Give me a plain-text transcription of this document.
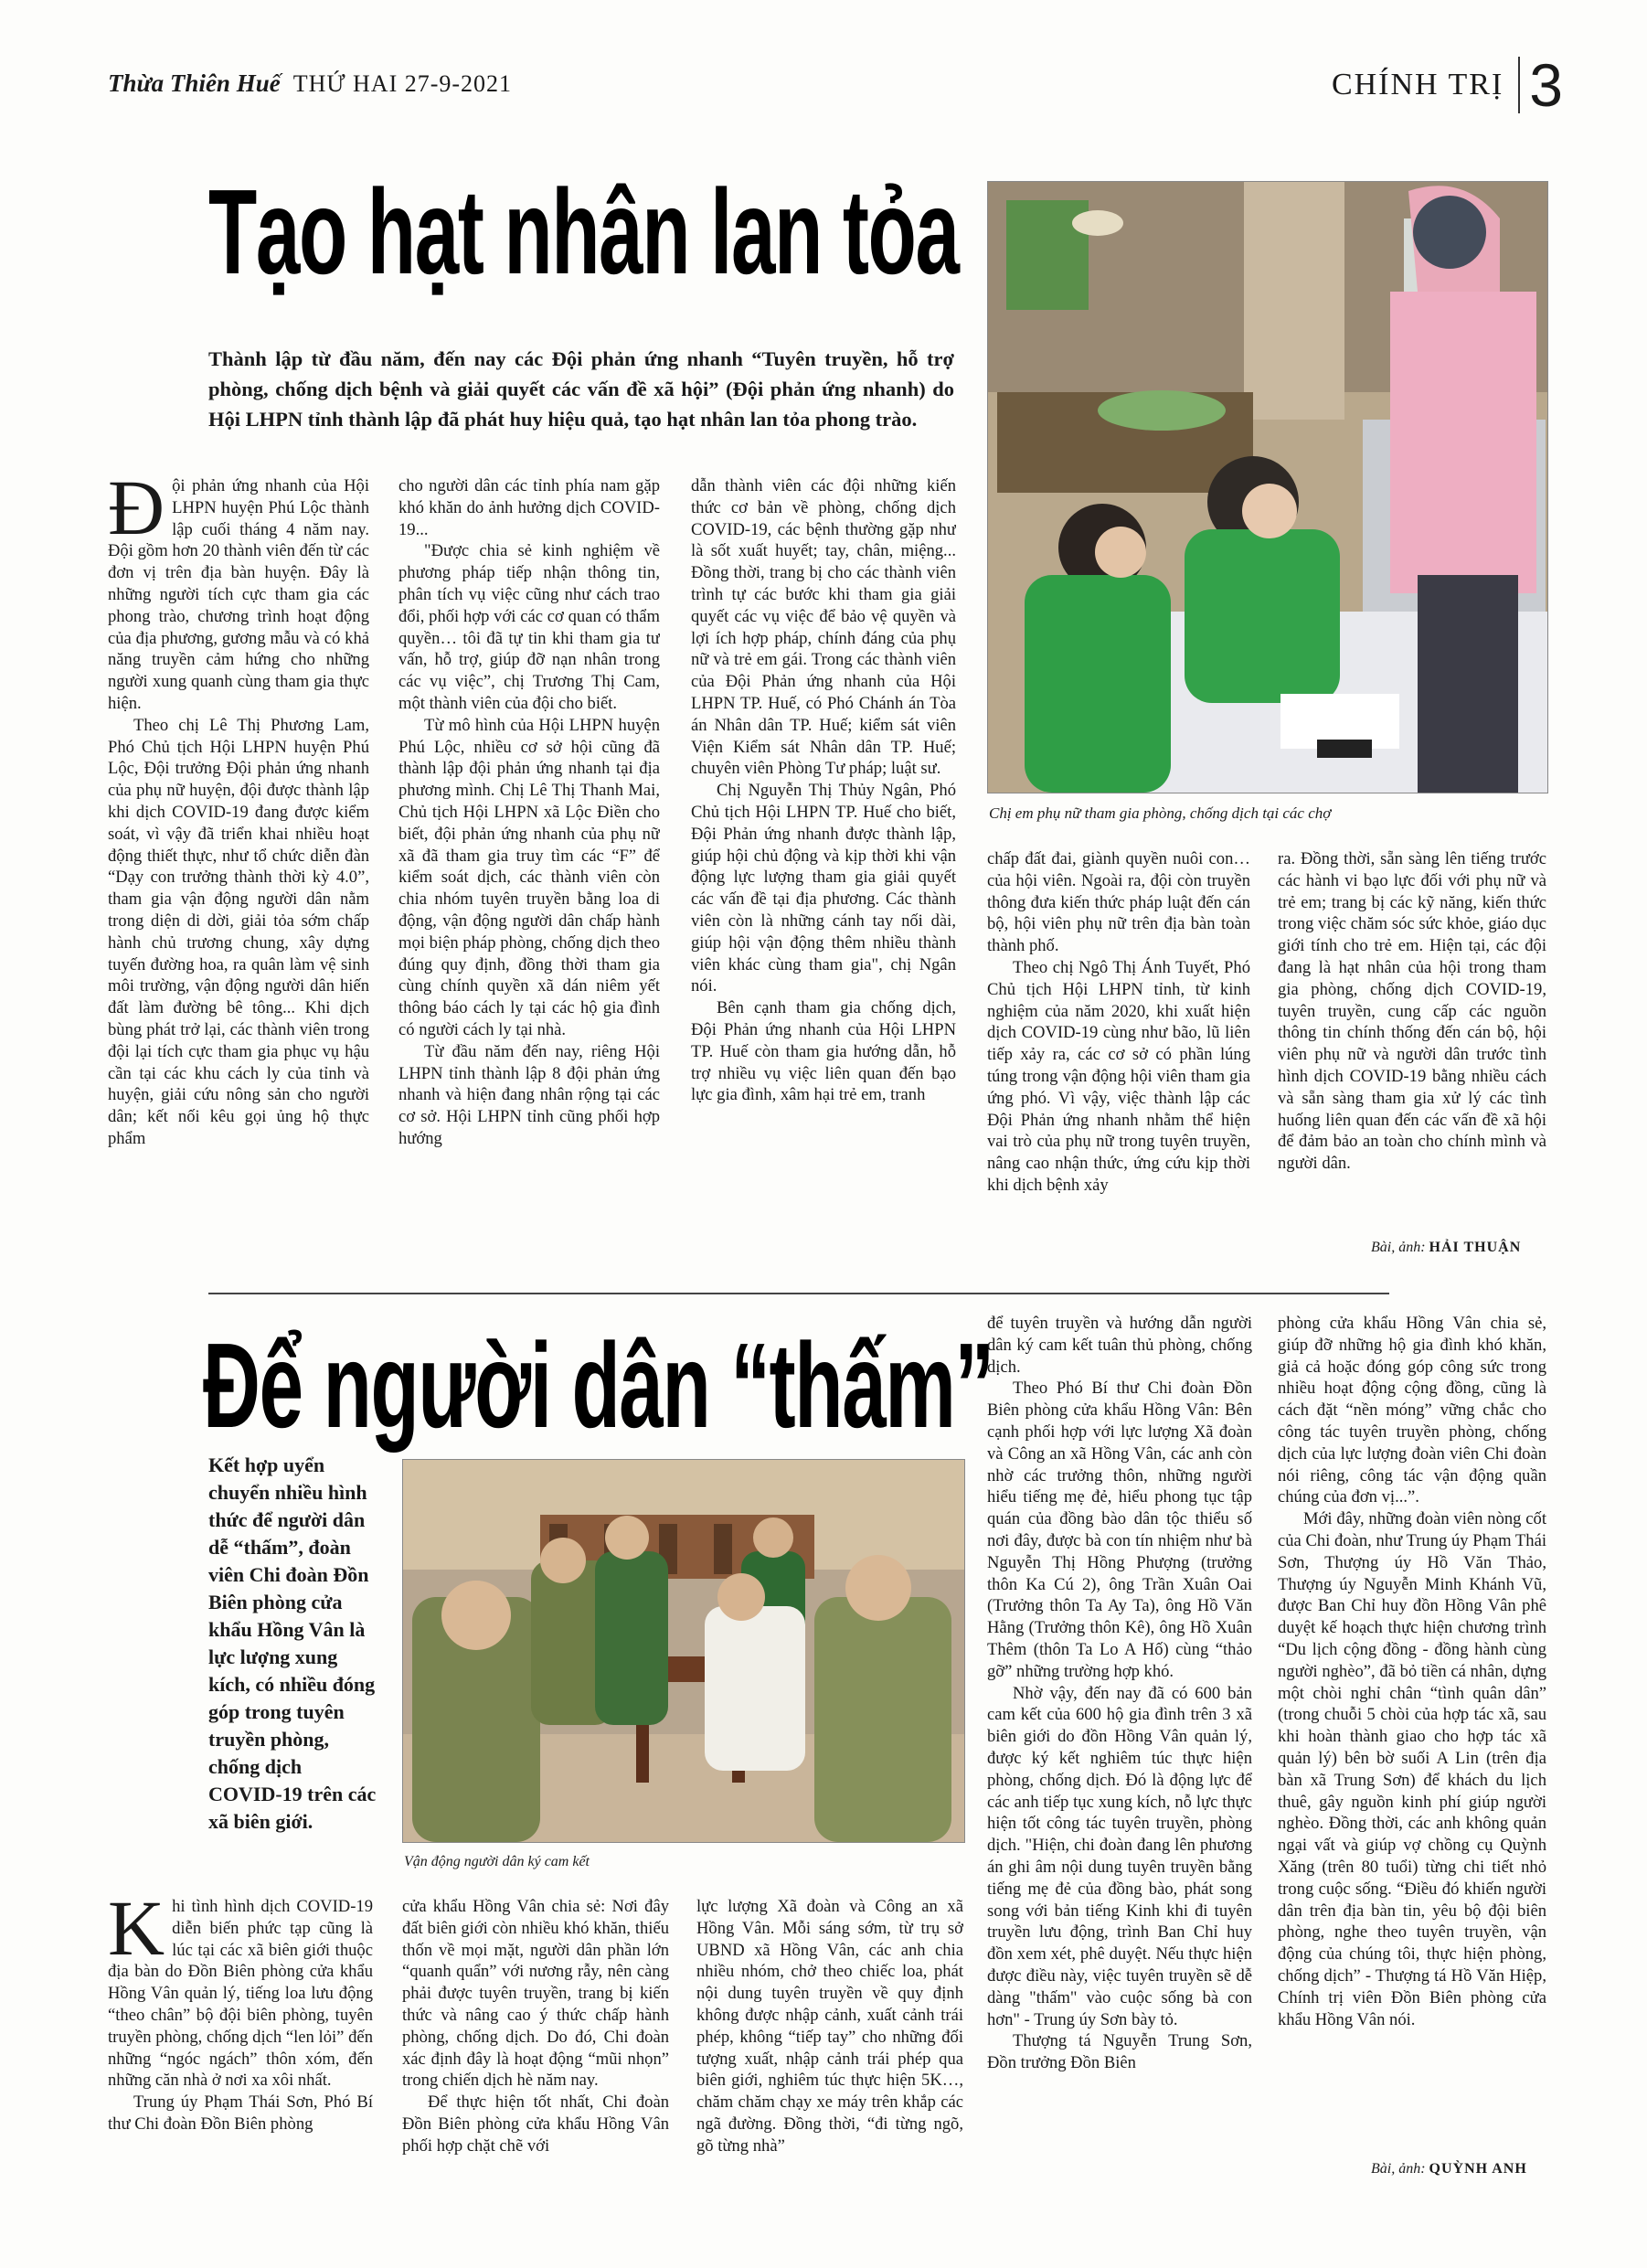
Thừa Thiên Huế THỨ HAI 27-9-2021	CHÍNH TRỊ 3
Tạo hạt nhân lan tỏa
Thành lập từ đầu năm, đến nay các Đội phản ứng nhanh “Tuyên truyền, hỗ trợ phòng, chống dịch bệnh và giải quyết các vấn đề xã hội” (Đội phản ứng nhanh) do Hội LHPN tỉnh thành lập đã phát huy hiệu quả, tạo hạt nhân lan tỏa phong trào.
Chị em phụ nữ tham gia phòng, chống dịch tại các chợ

Đội phản ứng nhanh của Hội LHPN huyện Phú Lộc thành lập cuối tháng 4 năm nay. Đội gồm hơn 20 thành viên đến từ các đơn vị trên địa bàn huyện. Đây là những người tích cực tham gia các phong trào, chương trình hoạt động của địa phương, gương mẫu và có khả năng truyền cảm hứng cho những người xung quanh cùng tham gia thực hiện.

Theo chị Lê Thị Phương Lam, Phó Chủ tịch Hội LHPN huyện Phú Lộc, Đội trưởng Đội phản ứng nhanh của phụ nữ huyện, đội được thành lập khi dịch COVID-19 đang được kiểm soát, vì vậy đã triển khai nhiều hoạt động thiết thực, như tổ chức diễn đàn “Dạy con trưởng thành thời kỳ 4.0”, tham gia vận động người dân nằm trong diện di dời, giải tỏa sớm chấp hành chủ trương chung, xây dựng tuyến đường hoa, ra quân làm vệ sinh môi trường, vận động người dân hiến đất làm đường bê tông... Khi dịch bùng phát trở lại, các thành viên trong đội lại tích cực tham gia phục vụ hậu cần tại các khu cách ly của tỉnh và huyện, giải cứu nông sản cho người dân; kết nối kêu gọi ủng hộ thực phẩm

cho người dân các tỉnh phía nam gặp khó khăn do ảnh hưởng dịch COVID-19...

"Được chia sẻ kinh nghiệm về phương pháp tiếp nhận thông tin, phân tích vụ việc cũng như cách trao đổi, phối hợp với các cơ quan có thẩm quyền… tôi đã tự tin khi tham gia tư vấn, hỗ trợ, giúp đỡ nạn nhân trong các vụ việc”, chị Trương Thị Cam, một thành viên của đội cho biết.

Từ mô hình của Hội LHPN huyện Phú Lộc, nhiều cơ sở hội cũng đã thành lập đội phản ứng nhanh tại địa phương mình. Chị Lê Thị Thanh Mai, Chủ tịch Hội LHPN xã Lộc Điền cho biết, đội phản ứng nhanh của phụ nữ xã đã tham gia truy tìm các “F” để kiểm soát dịch, các thành viên còn chia nhóm tuyên truyền bằng loa di động, vận động người dân chấp hành mọi biện pháp phòng, chống dịch theo đúng quy định, đồng thời tham gia cùng chính quyền xã dán niêm yết thông báo cách ly tại các hộ gia đình có người cách ly tại nhà.

Từ đầu năm đến nay, riêng Hội LHPN tỉnh thành lập 8 đội phản ứng nhanh và hiện đang nhân rộng tại các cơ sở. Hội LHPN tỉnh cũng phối hợp hướng

dẫn thành viên các đội những kiến thức cơ bản về phòng, chống dịch COVID-19, các bệnh thường gặp như là sốt xuất huyết; tay, chân, miệng... Đồng thời, trang bị cho các thành viên trình tự các bước khi tham gia giải quyết các vụ việc để bảo vệ quyền và lợi ích hợp pháp, chính đáng của phụ nữ và trẻ em gái. Trong các thành viên của Đội Phản ứng nhanh của Hội LHPN TP. Huế, có Phó Chánh án Tòa án Nhân dân TP. Huế; kiểm sát viên Viện Kiểm sát Nhân dân TP. Huế; chuyên viên Phòng Tư pháp; luật sư.

Chị Nguyễn Thị Thủy Ngân, Phó Chủ tịch Hội LHPN TP. Huế cho biết, Đội Phản ứng nhanh được thành lập, giúp hội chủ động và kịp thời khi vận động lực lượng tham gia giải quyết các vấn đề tại địa phương. Các thành viên còn là những cánh tay nối dài, giúp hội vận động thêm nhiều thành viên khác cùng tham gia", chị Ngân nói.

Bên cạnh tham gia chống dịch, Đội Phản ứng nhanh của Hội LHPN TP. Huế còn tham gia hướng dẫn, hỗ trợ nhiều vụ việc liên quan đến bạo lực gia đình, xâm hại trẻ em, tranh

chấp đất đai, giành quyền nuôi con… của hội viên. Ngoài ra, đội còn truyền thông đưa kiến thức pháp luật đến cán bộ, hội viên phụ nữ trên địa bàn toàn thành phố.

Theo chị Ngô Thị Ánh Tuyết, Phó Chủ tịch Hội LHPN tỉnh, từ kinh nghiệm của năm 2020, khi xuất hiện dịch COVID-19 cùng như bão, lũ liên tiếp xảy ra, các cơ sở có phần lúng túng trong vận động hội viên tham gia ứng phó. Vì vậy, việc thành lập các Đội Phản ứng nhanh nhằm thể hiện vai trò của phụ nữ trong tuyên truyền, nâng cao nhận thức, ứng cứu kịp thời khi dịch bệnh xảy

ra. Đồng thời, sẵn sàng lên tiếng trước các hành vi bạo lực đối với phụ nữ và trẻ em; trang bị các kỹ năng, kiến thức trong việc chăm sóc sức khỏe, giáo dục giới tính cho trẻ em. Hiện tại, các đội đang là hạt nhân của hội trong tham gia phòng, chống dịch COVID-19, tuyên truyền, cung cấp các nguồn thông tin chính thống đến cán bộ, hội viên phụ nữ và người dân trước tình hình dịch COVID-19 bằng nhiều cách và sẵn sàng tham gia xử lý các tình huống liên quan đến các vấn đề xã hội để đảm bảo an toàn cho chính mình và người dân.

Bài, ảnh: HẢI THUẬN
Để người dân “thấm”
Kết hợp uyển chuyển nhiều hình thức để người dân dễ “thấm”, đoàn viên Chi đoàn Đồn Biên phòng cửa khẩu Hồng Vân là lực lượng xung kích, có nhiều đóng góp trong tuyên truyền phòng, chống dịch COVID-19 trên các xã biên giới.
Vận động người dân ký cam kết

Khi tình hình dịch COVID-19 diễn biến phức tạp cũng là lúc tại các xã biên giới thuộc địa bàn do Đồn Biên phòng cửa khẩu Hồng Vân quản lý, tiếng loa lưu động “theo chân” bộ đội biên phòng, tuyên truyền phòng, chống dịch “len lỏi” đến những “ngóc ngách” thôn xóm, đến những căn nhà ở nơi xa xôi nhất.

Trung úy Phạm Thái Sơn, Phó Bí thư Chi đoàn Đồn Biên phòng

cửa khẩu Hồng Vân chia sẻ: Nơi đây đất biên giới còn nhiều khó khăn, thiếu thốn về mọi mặt, người dân phần lớn “quanh quẩn” với nương rẫy, nên càng phải được tuyên truyền, trang bị kiến thức và nâng cao ý thức chấp hành phòng, chống dịch. Do đó, Chi đoàn xác định đây là hoạt động “mũi nhọn” trong chiến dịch hè năm nay.

Để thực hiện tốt nhất, Chi đoàn Đồn Biên phòng cửa khẩu Hồng Vân phối hợp chặt chẽ với

lực lượng Xã đoàn và Công an xã Hồng Vân. Mỗi sáng sớm, từ trụ sở UBND xã Hồng Vân, các anh chia nhiều nhóm, chở theo chiếc loa, phát nội dung tuyên truyền về quy định không được nhập cảnh, xuất cảnh trái phép, không “tiếp tay” cho những đối tượng xuất, nhập cảnh trái phép qua biên giới, nghiêm túc thực hiện 5K…, chăm chăm chạy xe máy trên khắp các ngã đường. Đồng thời, “đi từng ngõ, gõ từng nhà”

để tuyên truyền và hướng dẫn người dân ký cam kết tuân thủ phòng, chống dịch.

Theo Phó Bí thư Chi đoàn Đồn Biên phòng cửa khẩu Hồng Vân: Bên cạnh phối hợp với lực lượng Xã đoàn và Công an xã Hồng Vân, các anh còn nhờ các trưởng thôn, những người hiểu tiếng mẹ đẻ, hiểu phong tục tập quán của đồng bào dân tộc thiểu số nơi đây, được bà con tín nhiệm như bà Nguyễn Thị Hồng Phượng (trưởng thôn Ka Cú 2), ông Trần Xuân Oai (Trưởng thôn Ta Ay Ta), ông Hồ Văn Hằng (Trưởng thôn Kê), ông Hồ Xuân Thêm (thôn Ta Lo A Hố) cùng “thảo gỡ” những trường hợp khó.

Nhờ vậy, đến nay đã có 600 bản cam kết của 600 hộ gia đình trên 3 xã biên giới do đồn Hồng Vân quản lý, được ký kết nghiêm túc thực hiện phòng, chống dịch. Đó là động lực để các anh tiếp tục xung kích, nỗ lực thực hiện tốt công tác tuyên truyền, phòng dịch. "Hiện, chi đoàn đang lên phương án ghi âm nội dung tuyên truyền bằng tiếng mẹ đẻ của đồng bào, phát song song với bản tiếng Kinh khi đi tuyên truyền lưu động, trình Ban Chỉ huy đồn xem xét, phê duyệt. Nếu thực hiện được điều này, việc tuyên truyền sẽ dễ dàng "thấm" vào cuộc sống bà con hơn" - Trung úy Sơn bày tỏ.

Thượng tá Nguyễn Trung Sơn, Đồn trưởng Đồn Biên

phòng cửa khẩu Hồng Vân chia sẻ, giúp đỡ những hộ gia đình khó khăn, giả cả hoặc đóng góp công sức trong nhiều hoạt động cộng đồng, cũng là cách đặt “nền móng” vững chắc cho công tác tuyên truyền phòng, chống dịch của lực lượng đoàn viên Chi đoàn nói riêng, công tác vận động quần chúng của đơn vị...”.

Mới đây, những đoàn viên nòng cốt của Chi đoàn, như Trung úy Phạm Thái Sơn, Thượng úy Hồ Văn Thảo, Thượng úy Nguyễn Minh Khánh Vũ, được Ban Chỉ huy đồn Hồng Vân phê duyệt kế hoạch thực hiện chương trình “Du lịch cộng đồng - đồng hành cùng người nghèo”, đã bỏ tiền cá nhân, dựng một chòi nghỉ chân “tình quân dân” (trong chuỗi 5 chòi của hợp tác xã, sau khi hoàn thành giao cho hợp tác xã quản lý) bên bờ suối A Lin (trên địa bàn xã Trung Sơn) để khách du lịch thuê, gây nguồn kinh phí giúp người nghèo. Đồng thời, các anh không quản ngại vất và giúp vợ chồng cụ Quỳnh Xăng (trên 80 tuổi) từng chi tiết nhỏ trong cuộc sống. “Điều đó khiến người dân trên địa bàn tin, yêu bộ đội biên phòng, nghe theo tuyên truyền, vận động của chúng tôi, thực hiện phòng, chống dịch” - Thượng tá Hồ Văn Hiệp, Chính trị viên Đồn Biên phòng cửa khẩu Hồng Vân nói.

Bài, ảnh: QUỲNH ANH
